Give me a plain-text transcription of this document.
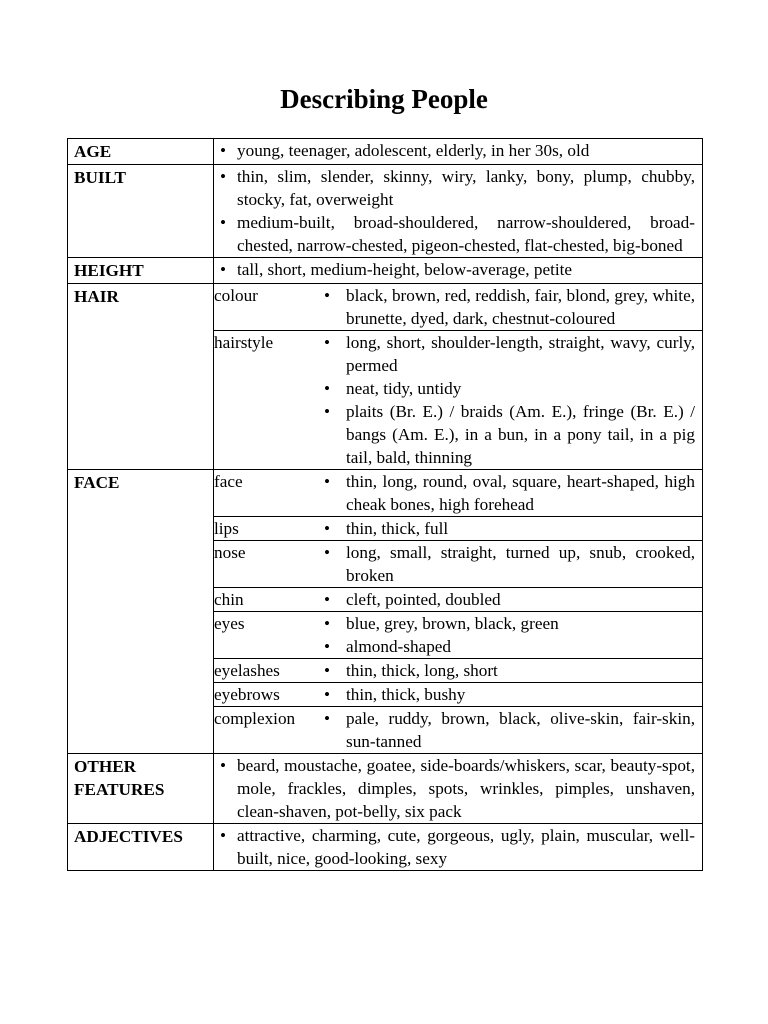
Describing People
AGE	• young, teenager, adolescent, elderly, in her 30s, old

BUILT	• thin, slim, slender, skinny, wiry, lanky, bony, plump, chubby, stocky, fat, overweight
• medium-built, broad-shouldered, narrow-shouldered, broad-chested, narrow-chested, pigeon-chested, flat-chested, big-boned

HEIGHT	• tall, short, medium-height, below-average, petite

HAIR		colour	• black, brown, red, reddish, fair, blond, grey, white, brunette, dyed, dark, chestnut-coloured

hairstyle	• long, short, shoulder-length, straight, wavy, curly, permed
• neat, tidy, untidy
• plaits (Br. E.) / braids (Am. E.), fringe (Br. E.) / bangs (Am. E.), in a bun, in a pony tail, in a pig tail, bald, thinning

FACE		face	• thin, long, round, oval, square, heart-shaped, high cheak bones, high forehead

lips	• thin, thick, full

nose	• long, small, straight, turned up, snub, crooked, broken

chin	• cleft, pointed, doubled

eyes	• blue, grey, brown, black, green
• almond-shaped

eyelashes	• thin, thick, long, short

eyebrows	• thin, thick, bushy

complexion	• pale, ruddy, brown, black, olive-skin, fair-skin, sun-tanned

OTHER
FEATURES	
• beard, moustache, goatee, side-boards/whiskers, scar, beauty-spot, mole, frackles, dimples, spots, wrinkles, pimples, unshaven, clean-shaven, pot-belly, six pack

ADJECTIVES	• attractive, charming, cute, gorgeous, ugly, plain, muscular, well-built, nice, good-looking, sexy
